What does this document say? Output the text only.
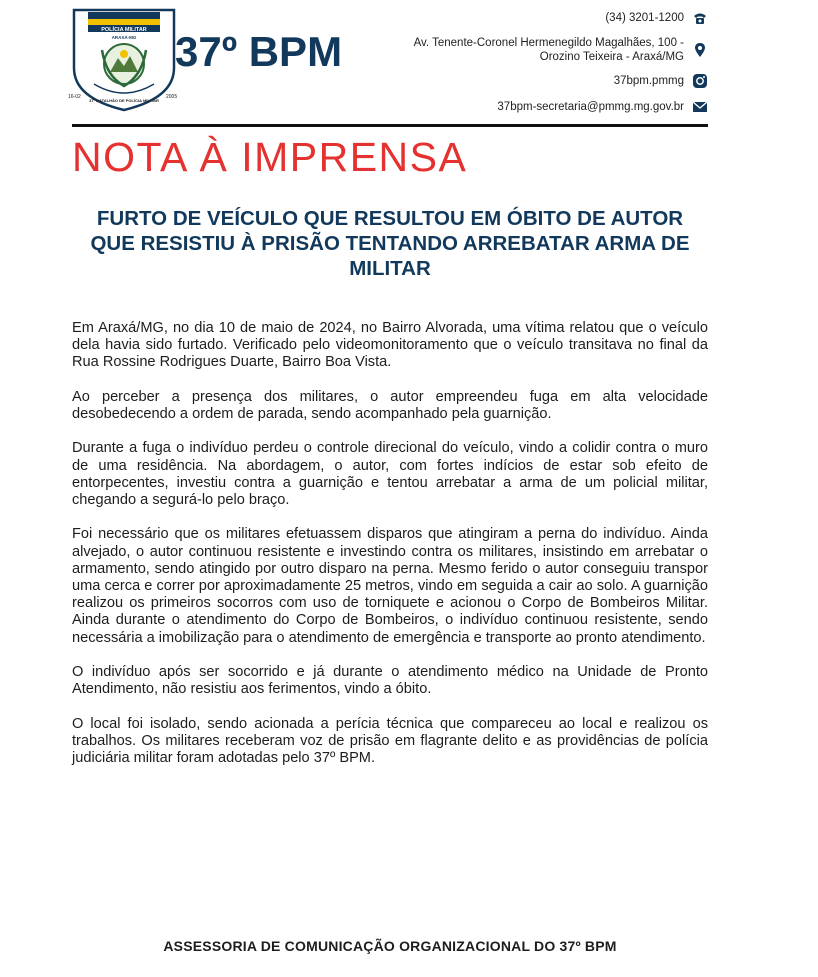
POLÍCIA MILITAR
ARAXÁ-MG
16-02
37º BATALHÃO DE POLÍCIA MILITAR
2005
37º BPM
(34) 3201-1200
Av. Tenente-Coronel Hermenegildo Magalhães, 100 - Orozino Teixeira - Araxá/MG
37bpm.pmmg
37bpm-secretaria@pmmg.mg.gov.br
NOTA À IMPRENSA
FURTO DE VEÍCULO QUE RESULTOU EM ÓBITO DE AUTOR QUE RESISTIU À PRISÃO TENTANDO ARREBATAR ARMA DE MILITAR

Em Araxá/MG, no dia 10 de maio de 2024, no Bairro Alvorada, uma vítima relatou que o veículo dela havia sido furtado. Verificado pelo videomonitoramento que o veículo transitava no final da Rua Rossine Rodrigues Duarte, Bairro Boa Vista.

Ao perceber a presença dos militares, o autor empreendeu fuga em alta velocidade desobedecendo a ordem de parada, sendo acompanhado pela guarnição.

Durante a fuga o indivíduo perdeu o controle direcional do veículo, vindo a colidir contra o muro de uma residência. Na abordagem, o autor, com fortes indícios de estar sob efeito de entorpecentes, investiu contra a guarnição e tentou arrebatar a arma de um policial militar, chegando a segurá-lo pelo braço.

Foi necessário que os militares efetuassem disparos que atingiram a perna do indivíduo. Ainda alvejado, o autor continuou resistente e investindo contra os militares, insistindo em arrebatar o armamento, sendo atingido por outro disparo na perna. Mesmo ferido o autor conseguiu transpor uma cerca e correr por aproximadamente 25 metros, vindo em seguida a cair ao solo. A guarnição realizou os primeiros socorros com uso de torniquete e acionou o Corpo de Bombeiros Militar. Ainda durante o atendimento do Corpo de Bombeiros, o indivíduo continuou resistente, sendo necessária a imobilização para o atendimento de emergência e transporte ao pronto atendimento.

O indivíduo após ser socorrido e já durante o atendimento médico na Unidade de Pronto Atendimento, não resistiu aos ferimentos, vindo a óbito.

O local foi isolado, sendo acionada a perícia técnica que compareceu ao local e realizou os trabalhos. Os militares receberam voz de prisão em flagrante delito e as providências de polícia judiciária militar foram adotadas pelo 37º BPM.

ASSESSORIA DE COMUNICAÇÃO ORGANIZACIONAL DO 37º BPM
